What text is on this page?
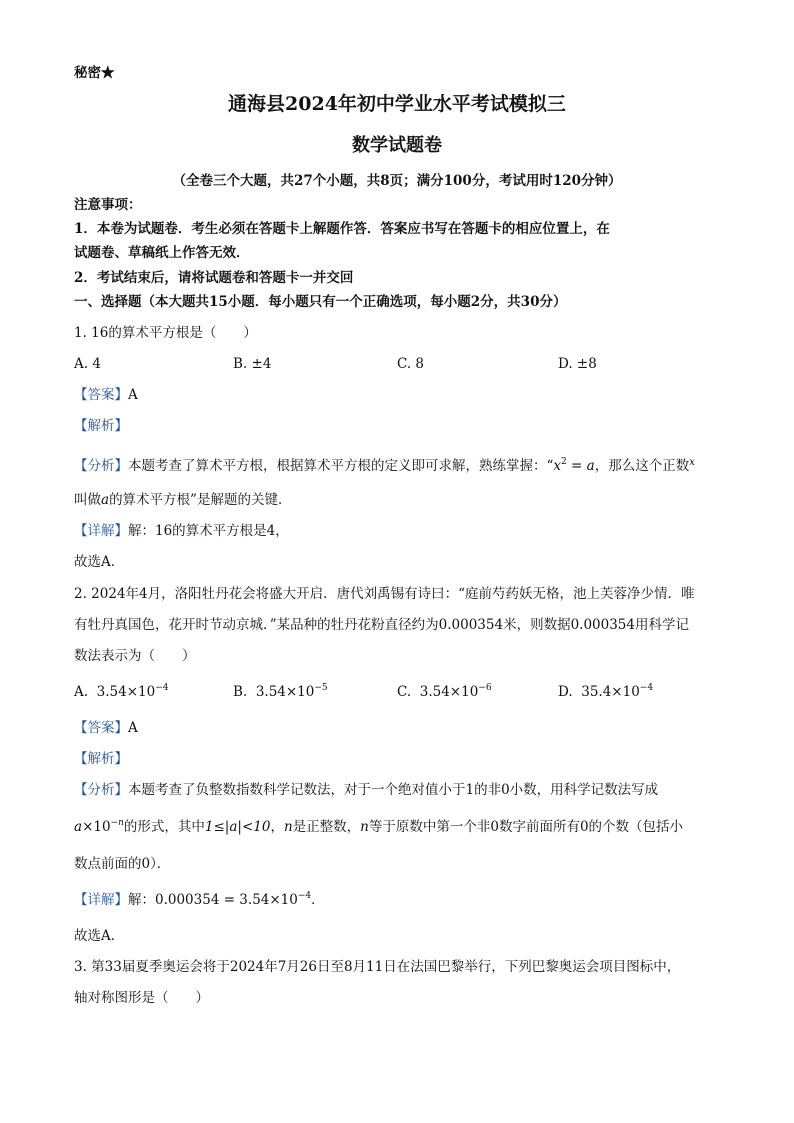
秘密★
通海县2024年初中学业水平考试模拟三
数学试题卷
（全卷三个大题，共27个小题，共8页；满分100分，考试用时120分钟）
注意事项：
1．本卷为试题卷．考生必须在答题卡上解题作答．答案应书写在答题卡的相应位置上，在
试题卷、草稿纸上作答无效．
2．考试结束后，请将试题卷和答题卡一并交回
一、选择题（本大题共15小题．每小题只有一个正确选项，每小题2分，共30分）
1. 16的算术平方根是（　　）
A. 4	B. ±4	C. 8	D. ±8
【答案】A
【解析】
【分析】本题考查了算术平方根，根据算术平方根的定义即可求解，熟练掌握：“$x^2 = a$，那么这个正数$^x$
叫做a的算术平方根”是解题的关键．
【详解】解：16的算术平方根是4，
故选A．
2. 2024年4月，洛阳牡丹花会将盛大开启．唐代刘禹锡有诗曰：“庭前芍药妖无格，池上芙蓉净少情．唯
有牡丹真国色，花开时节动京城．”某品种的牡丹花粉直径约为0.000354米，则数据0.000354用科学记
数法表示为（　　）
A. $3.54\times 10^{-4}$	B. $3.54\times 10^{-5}$	C. $3.54\times 10^{-6}$	D. $35.4\times 10^{-4}$
【答案】A
【解析】
【分析】本题考查了负整数指数科学记数法，对于一个绝对值小于1的非0小数，用科学记数法写成
$a\times 10^{-n}$的形式，其中1≤|a|<10，n是正整数，n等于原数中第一个非0数字前面所有0的个数（包括小
数点前面的0）．
【详解】解：$0.000354 = 3.54\times 10^{-4}$．
故选A．
3. 第33届夏季奥运会将于2024年7月26日至8月11日在法国巴黎举行，下列巴黎奥运会项目图标中，
轴对称图形是（　　）
